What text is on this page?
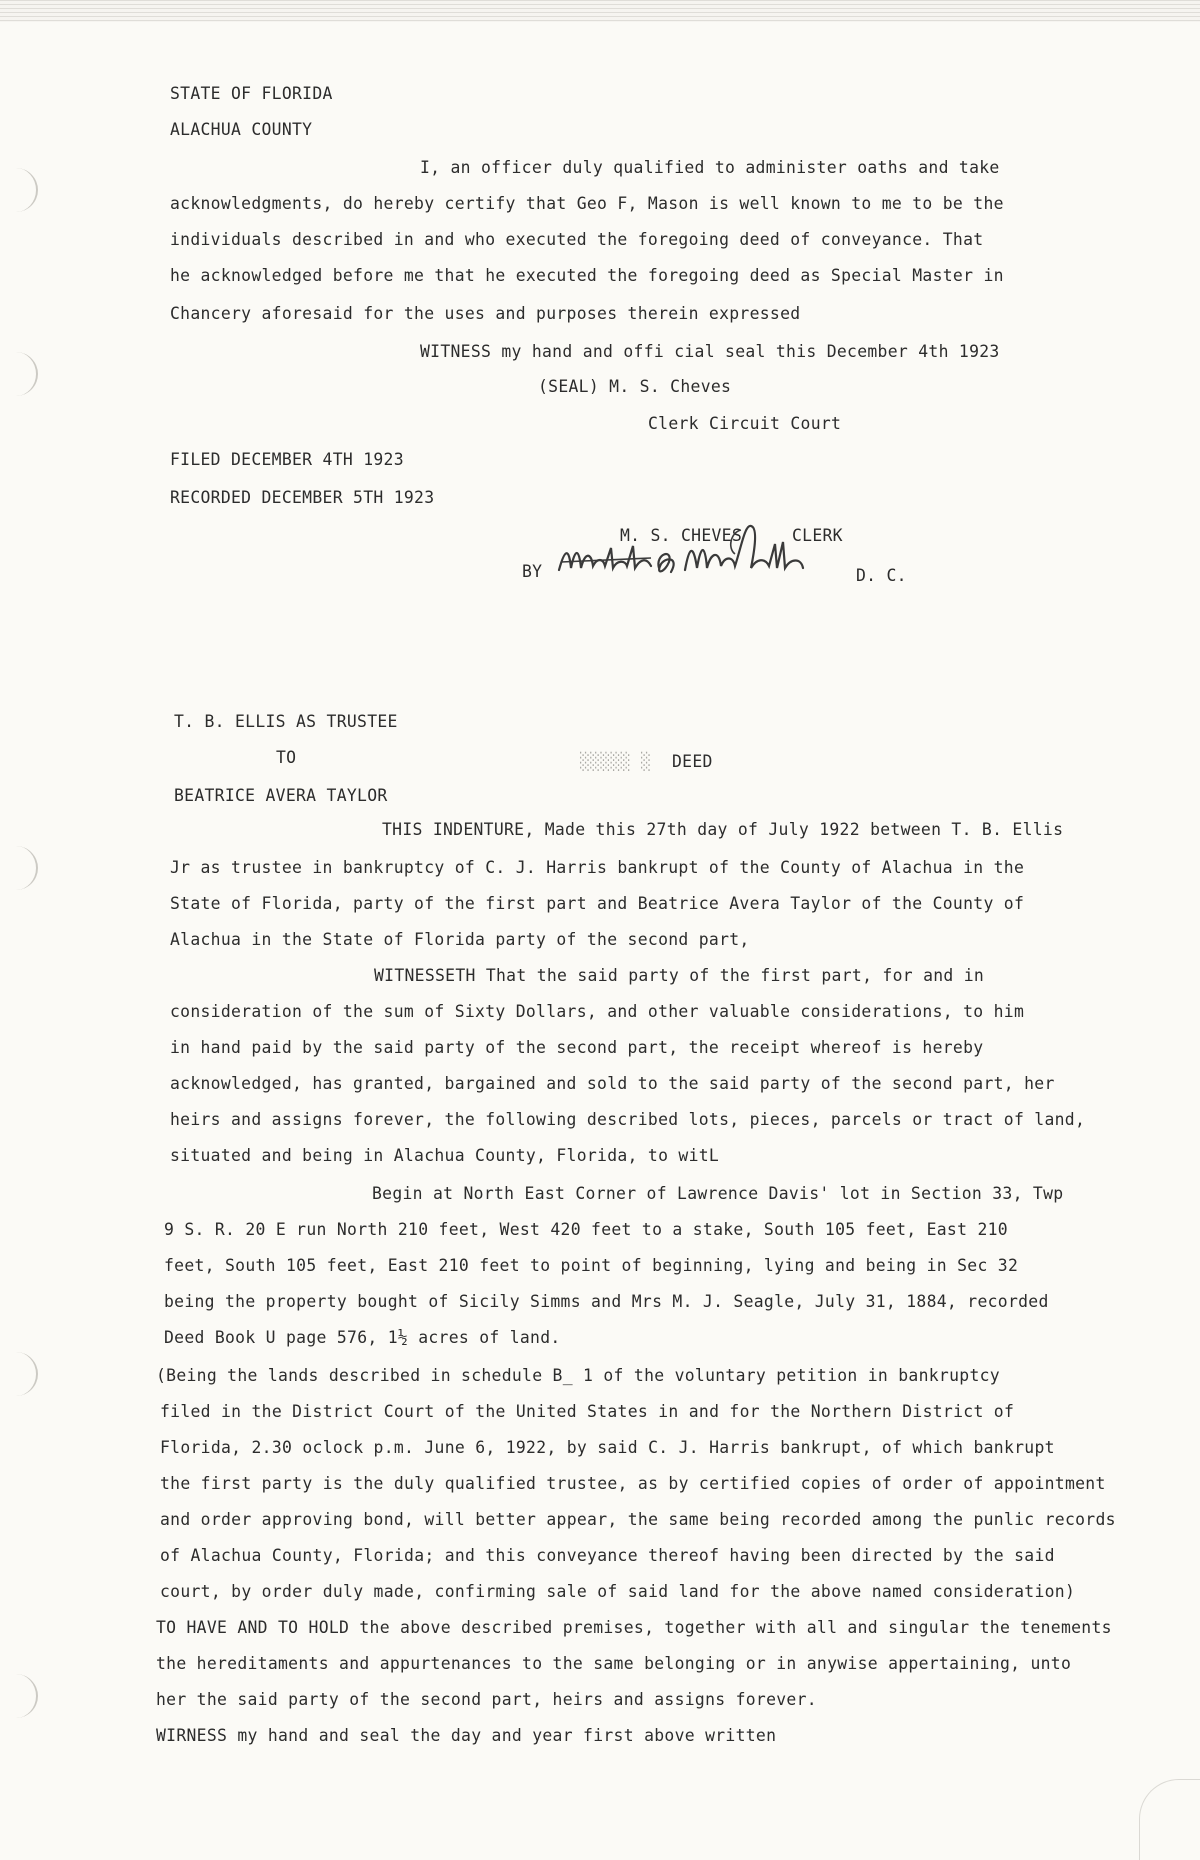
STATE OF FLORIDA
ALACHUA COUNTY
I, an officer duly qualified to administer oaths and take
acknowledgments, do hereby certify that Geo F, Mason is well known to me to be the
individuals described in and who executed the foregoing deed of conveyance. That
he acknowledged before me that he executed the foregoing deed as Special Master in
Chancery aforesaid for the uses and purposes therein expressed
WITNESS my hand and offi cial seal this December 4th 1923
(SEAL) M. S. Cheves
Clerk Circuit Court
FILED DECEMBER 4TH 1923
RECORDED DECEMBER 5TH 1923
M. S. CHEVES	CLERK
BY	D. C.
T. B. ELLIS AS TRUSTEE
TO	░░░░░ ░ DEED
BEATRICE AVERA TAYLOR
THIS INDENTURE, Made this 27th day of July 1922 between T. B. Ellis
Jr as trustee in bankruptcy of C. J. Harris bankrupt of the County of Alachua in the
State of Florida, party of the first part and Beatrice Avera Taylor of the County of
Alachua in the State of Florida party of the second part,
WITNESSETH That the said party of the first part, for and in
consideration of the sum of Sixty Dollars, and other valuable considerations, to him
in hand paid by the said party of the second part, the receipt whereof is hereby
acknowledged, has granted, bargained and sold to the said party of the second part, her
heirs and assigns forever, the following described lots, pieces, parcels or tract of land,
situated and being in Alachua County, Florida, to witL
Begin at North East Corner of Lawrence Davis' lot in Section 33, Twp
9 S. R. 20 E run North 210 feet, West 420 feet to a stake, South 105 feet, East 210
feet, South 105 feet, East 210 feet to point of beginning, lying and being in Sec 32
being the property bought of Sicily Simms and Mrs M. J. Seagle, July 31, 1884, recorded
Deed Book U page 576, 1½ acres of land.
(Being the lands described in schedule B_ 1 of the voluntary petition in bankruptcy
filed in the District Court of the United States in and for the Northern District of
Florida, 2.30 oclock p.m. June 6, 1922, by said C. J. Harris bankrupt, of which bankrupt
the first party is the duly qualified trustee, as by certified copies of order of appointment
and order approving bond, will better appear, the same being recorded among the punlic records
of Alachua County, Florida; and this conveyance thereof having been directed by the said
court, by order duly made, confirming sale of said land for the above named consideration)
TO HAVE AND TO HOLD the above described premises, together with all and singular the tenements
the hereditaments and appurtenances to the same belonging or in anywise appertaining, unto
her the said party of the second part, heirs and assigns forever.
WIRNESS my hand and seal the day and year first above written
